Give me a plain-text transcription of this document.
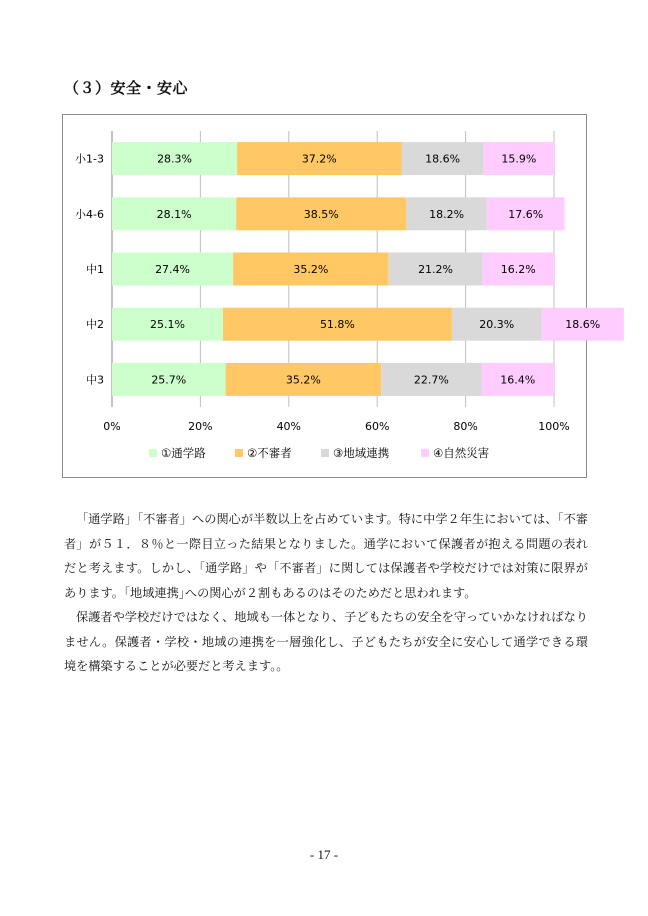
（３）安全・安心
28.3%	37.2%	18.6%	15.9%
小1-3
28.1%	38.5%	18.2%	17.6%
小4-6
27.4%	35.2%	21.2%	16.2%
中1
25.1%	51.8%	20.3%	18.6%
中2
25.7%	35.2%	22.7%	16.4%
中3
0%	20%	40%	60%	80%	100%
①通学路	②不審者	③地域連携	④自然災害

「通学路」「不審者」への関心が半数以上を占めています。特に中学２年生においては、「不審者」が５１．８％と一際目立った結果となりました。通学において保護者が抱える問題の表れだと考えます。しかし、「通学路」や「不審者」に関しては保護者や学校だけでは対策に限界があります。｢地域連携｣への関心が２割もあるのはそのためだと思われます。

保護者や学校だけではなく、地域も一体となり、子どもたちの安全を守っていかなければなりません。保護者・学校・地域の連携を一層強化し、子どもたちが安全に安心して通学できる環境を構築することが必要だと考えます。。

- 17 -
